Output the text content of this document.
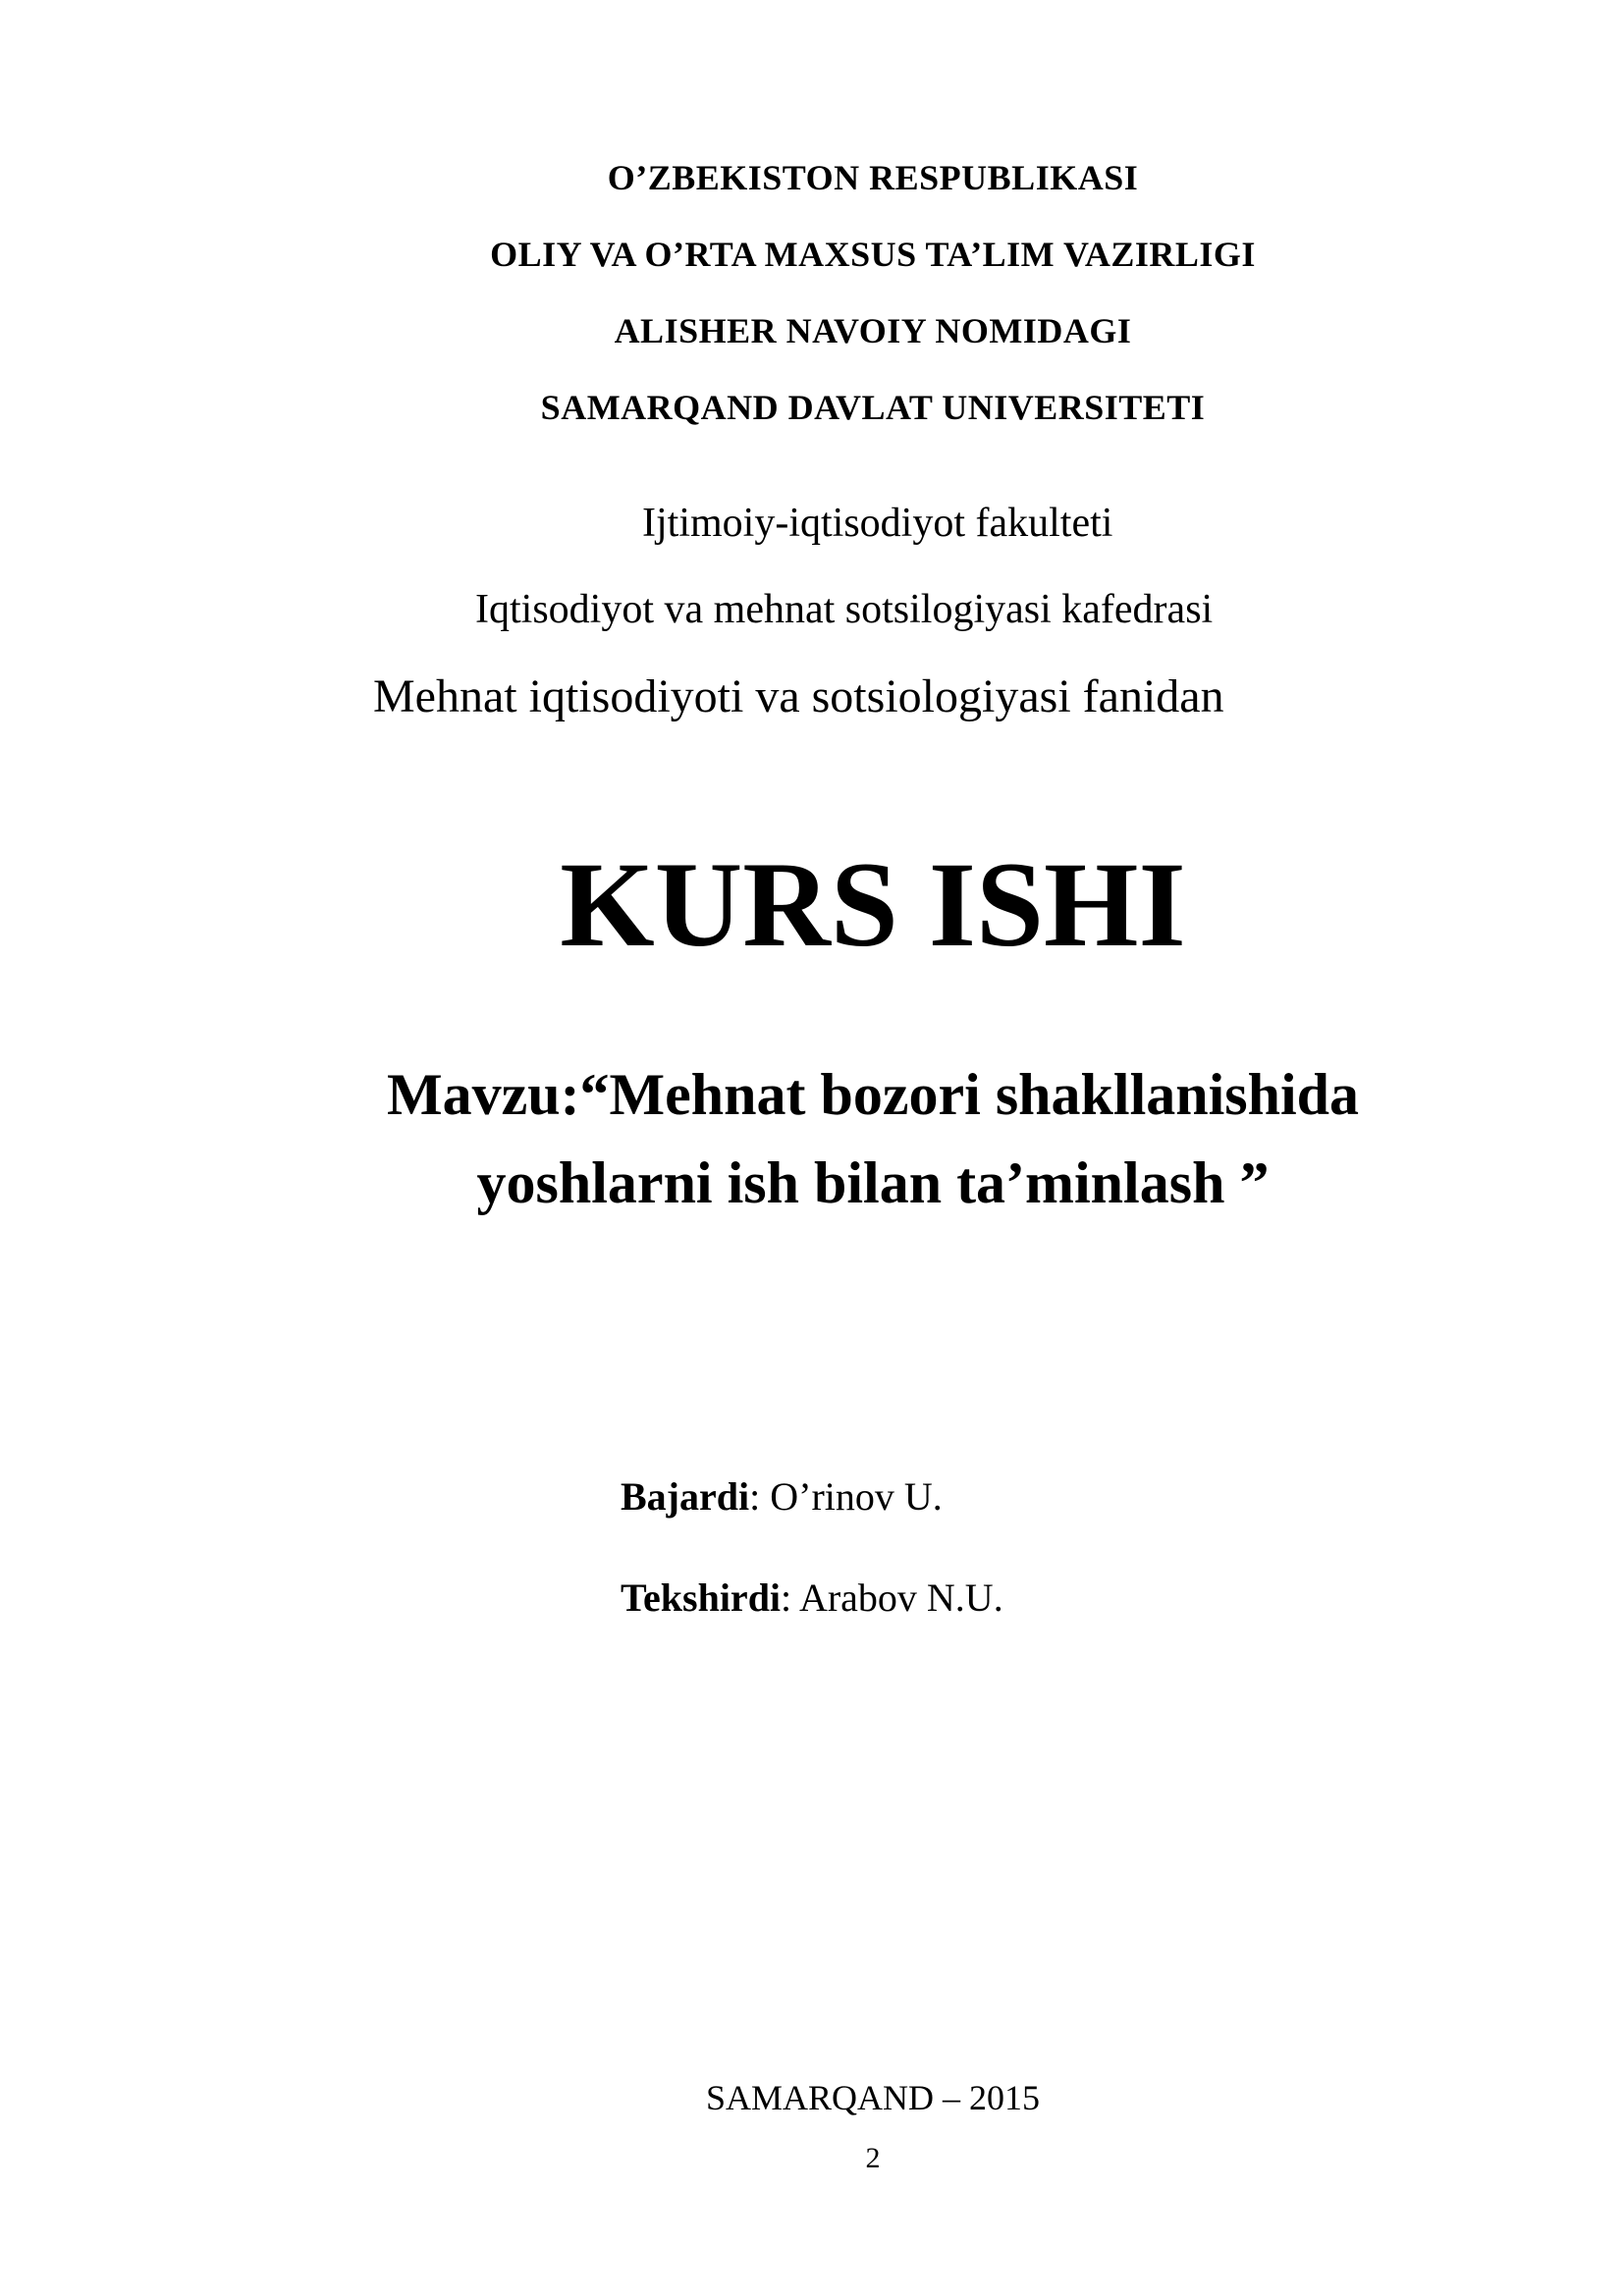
O’ZBEKISTON RESPUBLIKASI
OLIY VA O’RTA MAXSUS TA’LIM VAZIRLIGI
ALISHER NAVOIY NOMIDAGI
SAMARQAND DAVLAT UNIVERSITETI
Ijtimoiy-iqtisodiyot fakulteti
Iqtisodiyot va mehnat sotsilogiyasi kafedrasi
Mehnat iqtisodiyoti va sotsiologiyasi fanidan
KURS ISHI
Mavzu:“Mehnat bozori shakllanishida
yoshlarni ish bilan ta’minlash ”
Bajardi: O’rinov U.
Tekshirdi: Arabov N.U.
SAMARQAND – 2015
2
